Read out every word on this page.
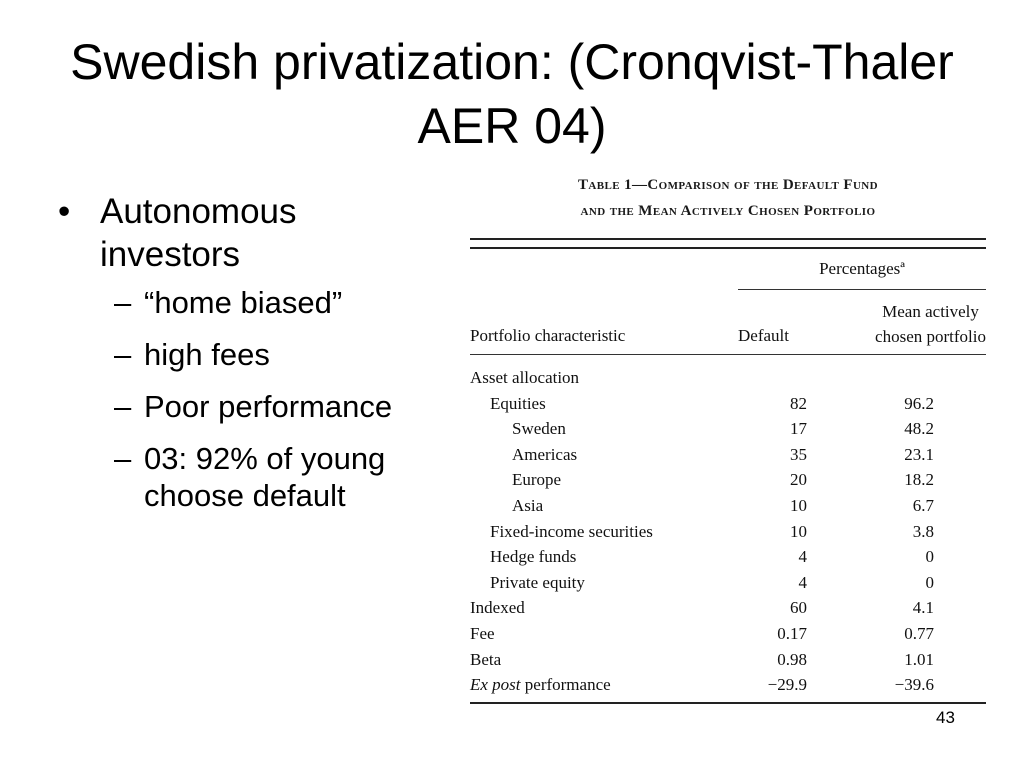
Swedish privatization: (Cronqvist-Thaler AER 04)
• Autonomous investors
– “home biased”
– high fees
– Poor performance
– 03: 92% of young choose default
Table 1—Comparison of the Default Fund
and the Mean Actively Chosen Portfolio
Percentagesª
Portfolio characteristic	Default
Mean actively
chosen portfolio
Asset allocation
Equities	82	96.2
Sweden	17	48.2
Americas	35	23.1
Europe	20	18.2
Asia	10	6.7
Fixed-income securities	10	3.8
Hedge funds	4	0
Private equity	4	0
Indexed	60	4.1
Fee	0.17	0.77
Beta	0.98	1.01
Ex post performance	−29.9	−39.6
43
